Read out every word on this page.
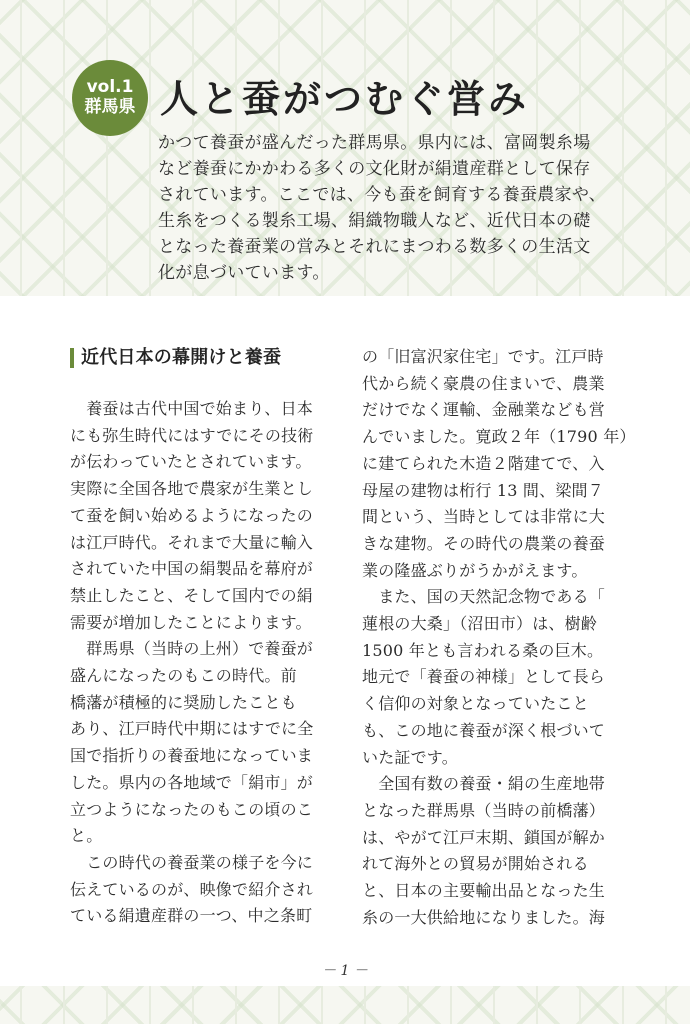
vol.1
群馬県 人と蚕がつむぐ営み
かつて養蚕が盛んだった群馬県。県内には、富岡製糸場
など養蚕にかかわる多くの文化財が絹遺産群として保存
されています。ここでは、今も蚕を飼育する養蚕農家や、
生糸をつくる製糸工場、絹織物職人など、近代日本の礎
となった養蚕業の営みとそれにまつわる数多くの生活文
化が息づいています。
近代日本の幕開けと養蚕
　養蚕は古代中国で始まり、日本
にも弥生時代にはすでにその技術
が伝わっていたとされています。
実際に全国各地で農家が生業とし
て蚕を飼い始めるようになったの
は江戸時代。それまで大量に輸入
されていた中国の絹製品を幕府が
禁止したこと、そして国内での絹
需要が増加したことによります。
　群馬県（当時の上州）で養蚕が
盛んになったのもこの時代。前
橋藩が積極的に奨励したことも
あり、江戸時代中期にはすでに全
国で指折りの養蚕地になっていま
した。県内の各地域で「絹市」が
立つようになったのもこの頃のこ
と。
　この時代の養蚕業の様子を今に
伝えているのが、映像で紹介され
ている絹遺産群の一つ、中之条町
の「旧富沢家住宅」です。江戸時
代から続く豪農の住まいで、農業
だけでなく運輸、金融業なども営
んでいました。寛政２年（1790 年）
に建てられた木造２階建てで、入
母屋の建物は桁行 13 間、梁間７
間という、当時としては非常に大
きな建物。その時代の農業の養蚕
業の隆盛ぶりがうかがえます。
　また、国の天然記念物である「
蓮根の大桑」（沼田市）は、樹齢
1500 年とも言われる桑の巨木。
地元で「養蚕の神様」として長ら
く信仰の対象となっていたこと
も、この地に養蚕が深く根づいて
いた証です。
　全国有数の養蚕・絹の生産地帯
となった群馬県（当時の前橋藩）
は、やがて江戸末期、鎖国が解か
れて海外との貿易が開始される
と、日本の主要輸出品となった生
糸の一大供給地になりました。海
－ 1 －
